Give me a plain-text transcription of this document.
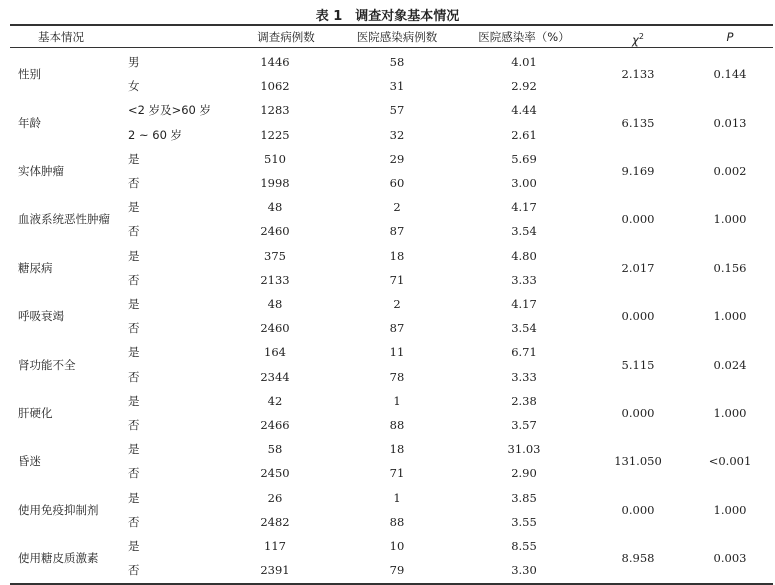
表 1　调查对象基本情况
基本情况	调查病例数	医院感染病例数	医院感染率（%）	$\chi^2$	P
性别	2.133	0.144
男	1446	58	4.01
女	1062	31	2.92
年龄	6.135	0.013
<2 岁及>60 岁	1283	57	4.44
2 ~ 60 岁	1225	32	2.61
实体肿瘤	9.169	0.002
是	510	29	5.69
否	1998	60	3.00
血液系统恶性肿瘤	0.000	1.000
是	48	2	4.17
否	2460	87	3.54
糖尿病	2.017	0.156
是	375	18	4.80
否	2133	71	3.33
呼吸衰竭	0.000	1.000
是	48	2	4.17
否	2460	87	3.54
肾功能不全	5.115	0.024
是	164	11	6.71
否	2344	78	3.33
肝硬化	0.000	1.000
是	42	1	2.38
否	2466	88	3.57
昏迷	131.050	<0.001
是	58	18	31.03
否	2450	71	2.90
使用免疫抑制剂	0.000	1.000
是	26	1	3.85
否	2482	88	3.55
使用糖皮质激素	8.958	0.003
是	117	10	8.55
否	2391	79	3.30
